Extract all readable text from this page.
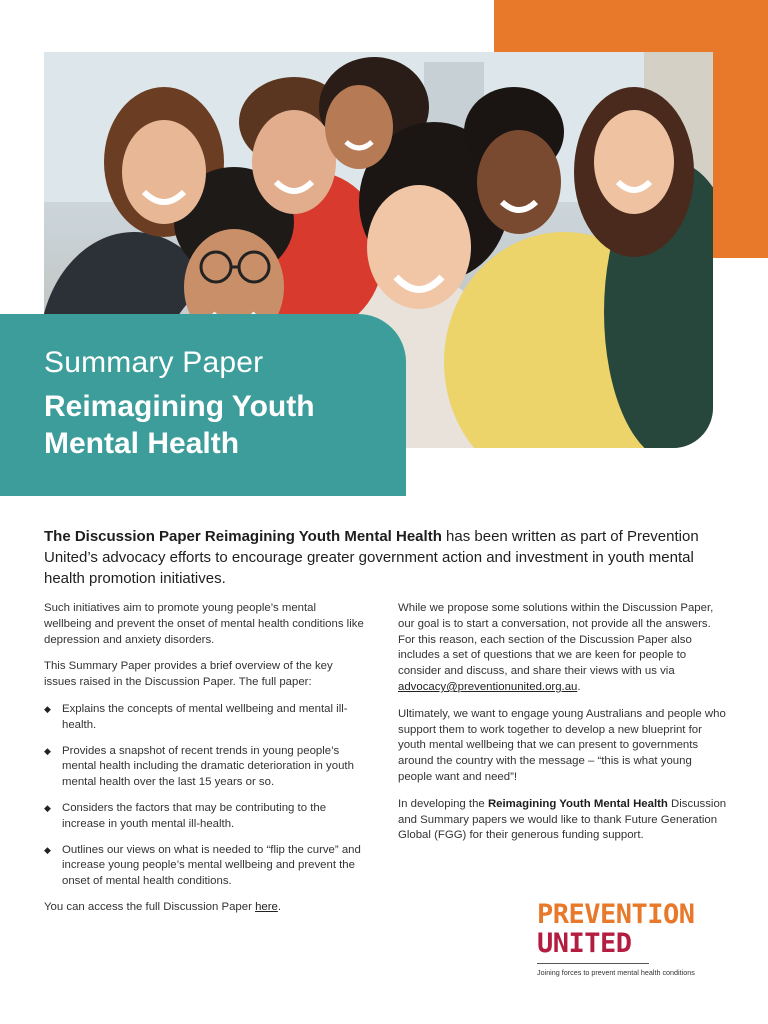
Summary Paper
Reimagining Youth Mental Health
The Discussion Paper Reimagining Youth Mental Health has been written as part of Prevention United’s advocacy efforts to encourage greater government action and investment in youth mental health promotion initiatives.

Such initiatives aim to promote young people’s mental wellbeing and prevent the onset of mental health conditions like depression and anxiety disorders.

This Summary Paper provides a brief overview of the key issues raised in the Discussion Paper. The full paper:

◆ Explains the concepts of mental wellbeing and mental ill-health.
◆ Provides a snapshot of recent trends in young people’s mental health including the dramatic deterioration in youth mental health over the last 15 years or so.
◆ Considers the factors that may be contributing to the increase in youth mental ill-health.
◆ Outlines our views on what is needed to “flip the curve” and increase young people’s mental wellbeing and prevent the onset of mental health conditions.

You can access the full Discussion Paper here.

While we propose some solutions within the Discussion Paper, our goal is to start a conversation, not provide all the answers. For this reason, each section of the Discussion Paper also includes a set of questions that we are keen for people to consider and discuss, and share their views with us via advocacy@preventionunited.org.au.

Ultimately, we want to engage young Australians and people who support them to work together to develop a new blueprint for youth mental wellbeing that we can present to governments around the country with the message – “this is what young people want and need”!

In developing the Reimagining Youth Mental Health Discussion and Summary papers we would like to thank Future Generation Global (FGG) for their generous funding support.

PREVENTION
UNITED
Joining forces to prevent mental health conditions
